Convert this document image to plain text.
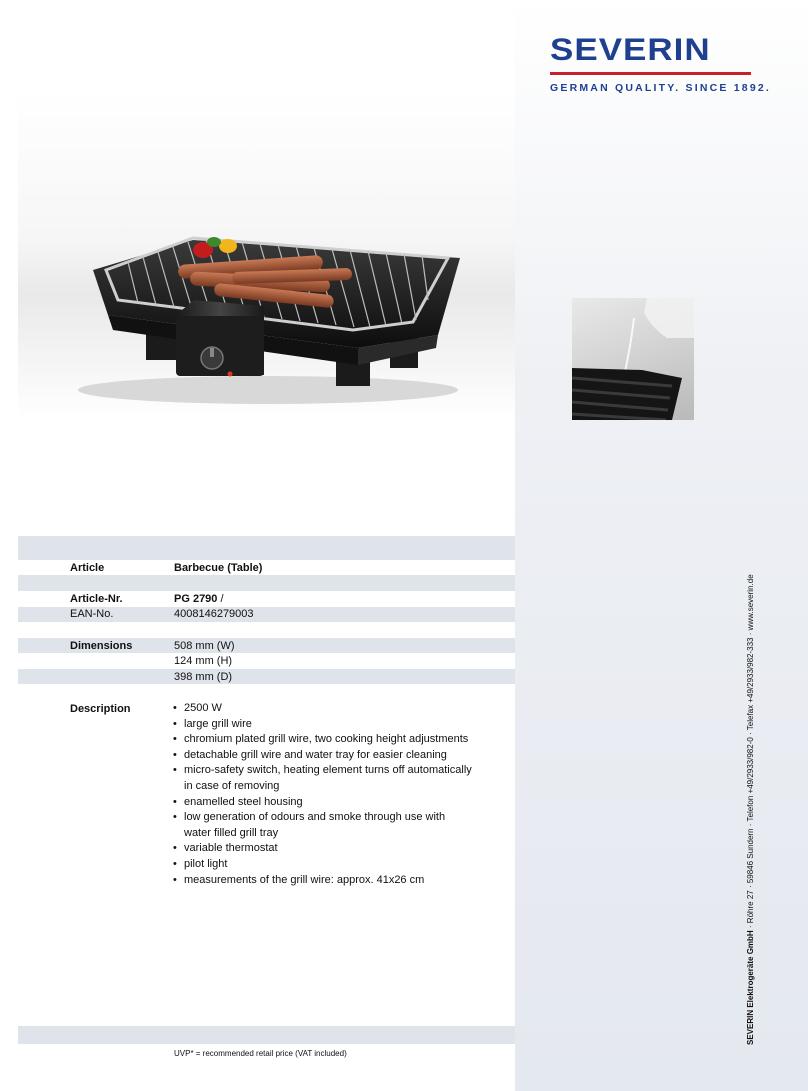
SEVERIN
GERMAN QUALITY. SINCE 1892.
Article	Barbecue (Table)
Article-Nr.	PG 2790 /
EAN-No.	4008146279003
Dimensions	508 mm (W)
124 mm (H)
398 mm (D)
Description
•	2500 W
• large grill wire
• chromium plated grill wire, two cooking height adjustments
• detachable grill wire and water tray for easier cleaning
• micro-safety switch, heating element turns off automatically in case of removing
• enamelled steel housing
• low generation of odours and smoke through use with water filled grill tray
• variable thermostat
• pilot light
• measurements of the grill wire: approx. 41x26 cm
UVP* = recommended retail price (VAT included)
SEVERIN Elektrogeräte GmbH · Röhre 27 · 59846 Sundern · Telefon +49/2933/982-0 · Telefax +49/2933/982-333 · www.severin.de
